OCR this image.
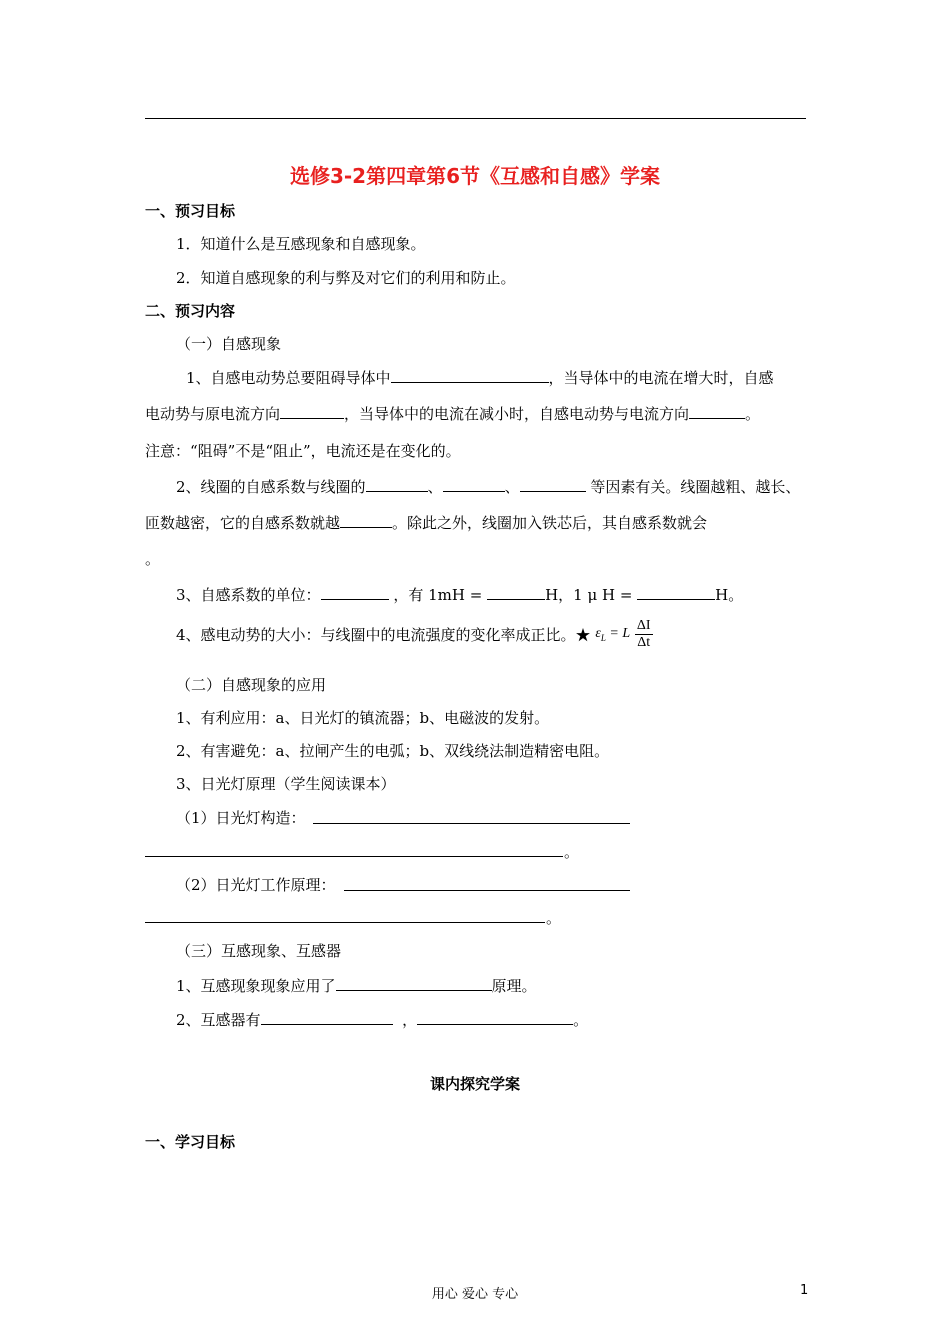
选修3-2第四章第6节《互感和自感》学案
一、预习目标
1．知道什么是互感现象和自感现象。
2．知道自感现象的利与弊及对它们的利用和防止。
二、预习内容
（一）自感现象
1、自感电动势总要阻碍导体中	，当导体中的电流在增大时，自感
电动势与原电流方向	，当导体中的电流在减小时，自感电动势与电流方向	。
注意：“阻碍”不是“阻止”，电流还是在变化的。
2、线圈的自感系数与线圈的	、	、	等因素有关。线圈越粗、越长、
匝数越密，它的自感系数就越	。除此之外，线圈加入铁芯后，其自感系数就会
。
3、自感系数的单位：	，有 1mH =	H，1 μ H =	H。
4、感电动势的大小：与线圈中的电流强度的变化率成正比。★ $\varepsilon_L = L \frac{\Delta I}{\Delta t}$
（二）自感现象的应用
1、有利应用：a、日光灯的镇流器；b、电磁波的发射。
2、有害避免：a、拉闸产生的电弧；b、双线绕法制造精密电阻。
3、日光灯原理（学生阅读课本）
（1）日光灯构造：
。
（2）日光灯工作原理：
。
（三）互感现象、互感器
1、互感现象现象应用了	原理。
2、互感器有	，	。
课内探究学案
一、学习目标
用心 爱心 专心	1
